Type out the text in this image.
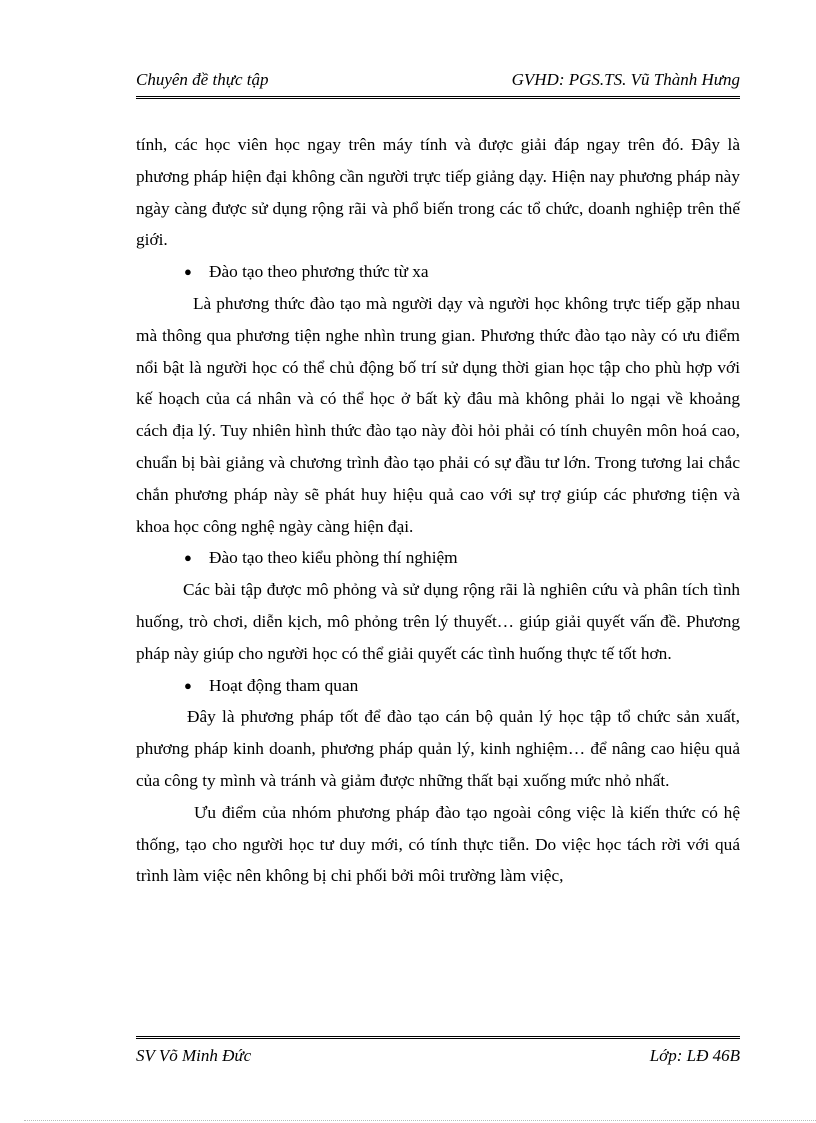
Chuyên đề thực tập	GVHD: PGS.TS. Vũ Thành Hưng

tính, các học viên học ngay trên máy tính và được giải đáp ngay trên đó. Đây là phương pháp hiện đại không cần người trực tiếp giảng dạy. Hiện nay phương pháp này ngày càng được sử dụng rộng rãi và phổ biến trong các tổ chức, doanh nghiệp trên thế giới.

● Đào tạo theo phương thức từ xa

Là phương thức đào tạo mà người dạy và người học không trực tiếp gặp nhau mà thông qua phương tiện nghe nhìn trung gian. Phương thức đào tạo này có ưu điểm nổi bật là người học có thể chủ động bố trí sử dụng thời gian học tập cho phù hợp với kế hoạch của cá nhân và có thể học ở bất kỳ đâu mà không phải lo ngại về khoảng cách địa lý. Tuy nhiên hình thức đào tạo này đòi hỏi phải có tính chuyên môn hoá cao, chuẩn bị bài giảng và chương trình đào tạo phải có sự đầu tư lớn. Trong tương lai chắc chắn phương pháp này sẽ phát huy hiệu quả cao với sự trợ giúp các phương tiện và khoa học công nghệ ngày càng hiện đại.

● Đào tạo theo kiểu phòng thí nghiệm

Các bài tập được mô phỏng và sử dụng rộng rãi là nghiên cứu và phân tích tình huống, trò chơi, diễn kịch, mô phỏng trên lý thuyết… giúp giải quyết vấn đề. Phương pháp này giúp cho người học có thể giải quyết các tình huống thực tế tốt hơn.

● Hoạt động tham quan

Đây là phương pháp tốt để đào tạo cán bộ quản lý học tập tổ chức sản xuất, phương pháp kinh doanh, phương pháp quản lý, kinh nghiệm… để nâng cao hiệu quả của công ty mình và tránh và giảm được những thất bại xuống mức nhỏ nhất.

Ưu điểm của nhóm phương pháp đào tạo ngoài công việc là kiến thức có hệ thống, tạo cho người học tư duy mới, có tính thực tiễn. Do việc học tách rời với quá trình làm việc nên không bị chi phối bởi môi trường làm việc,

SV Võ Minh Đức	Lớp: LĐ 46B
